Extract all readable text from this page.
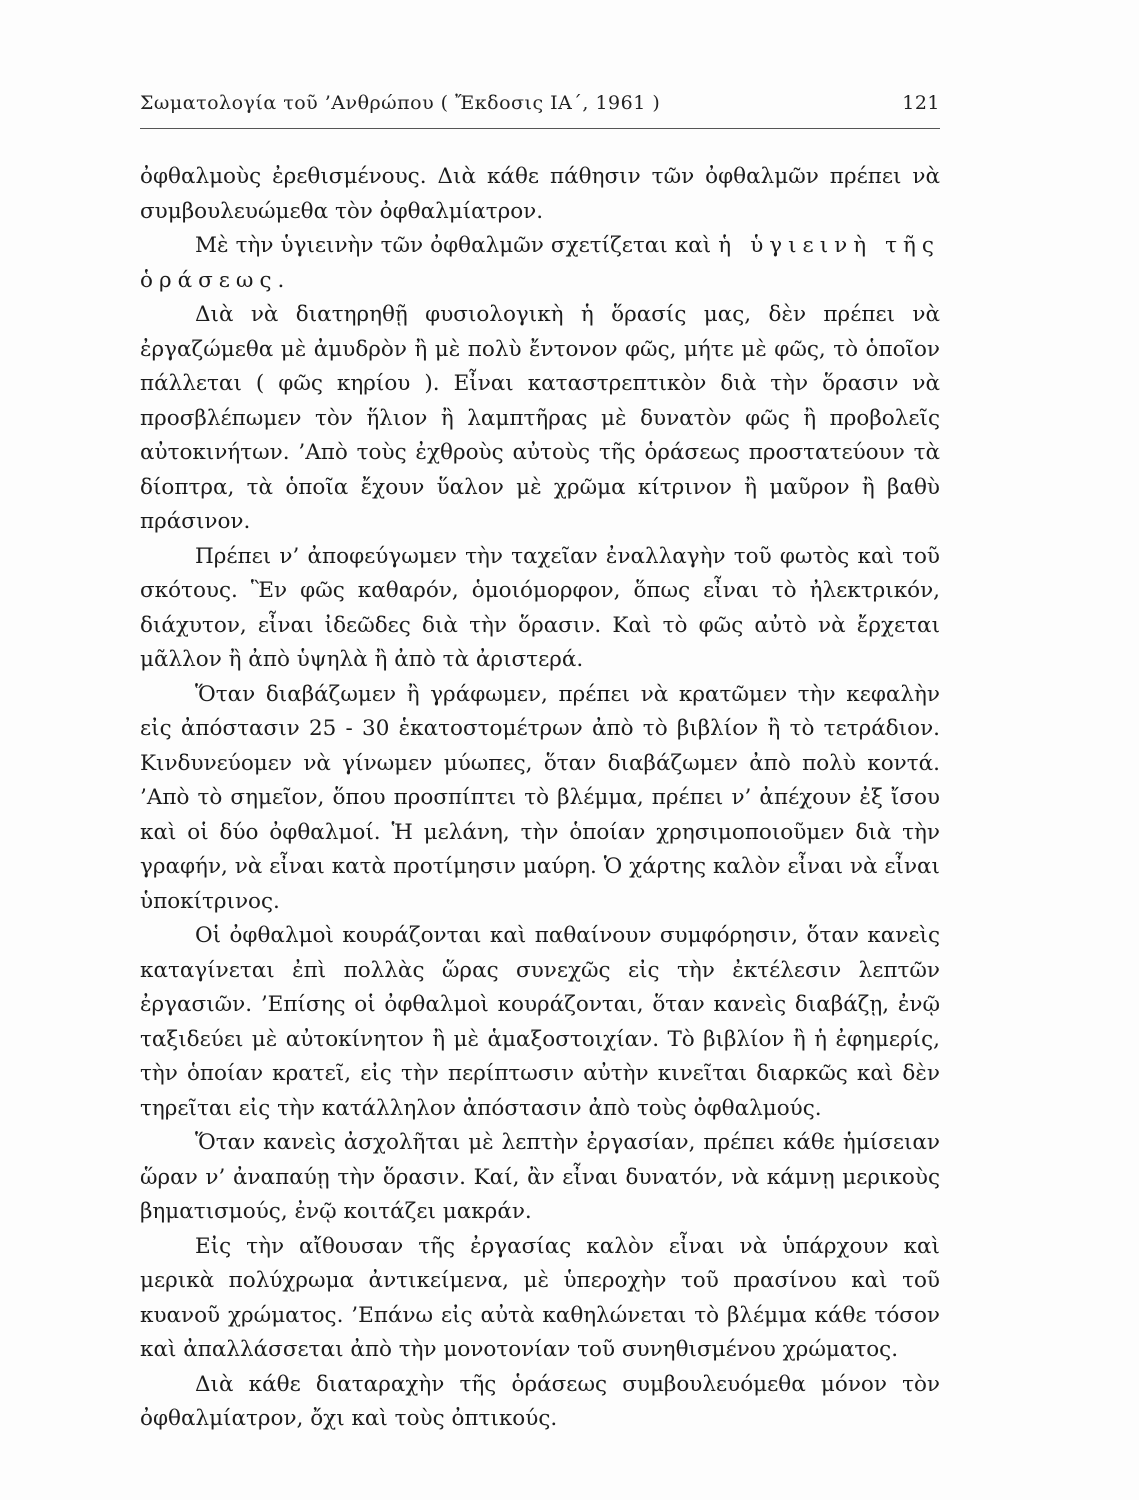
Σωματολογία τοῦ ’Ανθρώπου ( Ἔκδοσις ΙΑ΄, 1961 )	121

ὀφθαλμοὺς ἐρεθισμένους. Διὰ κάθε πάθησιν τῶν ὀφθαλμῶν πρέπει νὰ συμβουλευώμεθα τὸν ὀφθαλμίατρον.

Μὲ τὴν ὑγιεινὴν τῶν ὀφθαλμῶν σχετίζεται καὶ ἡ ὑγιεινὴ τῆς ὁράσεως.

Διὰ νὰ διατηρηθῇ φυσιολογικὴ ἡ ὅρασίς μας, δὲν πρέπει νὰ ἐργαζώμεθα μὲ ἀμυδρὸν ἢ μὲ πολὺ ἔντονον φῶς, μήτε μὲ φῶς, τὸ ὁποῖον πάλλεται ( φῶς κηρίου ). Εἶναι καταστρεπτικὸν διὰ τὴν ὅρασιν νὰ προσβλέπωμεν τὸν ἥλιον ἢ λαμπτῆρας μὲ δυνατὸν φῶς ἢ προβολεῖς αὐτοκινήτων. ’Απὸ τοὺς ἐχθροὺς αὐτοὺς τῆς ὁράσεως προστατεύουν τὰ δίοπτρα, τὰ ὁποῖα ἔχουν ὕαλον μὲ χρῶμα κίτρινον ἢ μαῦρον ἢ βαθὺ πράσινον.

Πρέπει ν’ ἀποφεύγωμεν τὴν ταχεῖαν ἐναλλαγὴν τοῦ φωτὸς καὶ τοῦ σκότους. Ἓν φῶς καθαρόν, ὁμοιόμορφον, ὅπως εἶναι τὸ ἠλεκτρικόν, διάχυτον, εἶναι ἰδεῶδες διὰ τὴν ὅρασιν. Καὶ τὸ φῶς αὐτὸ νὰ ἔρχεται μᾶλλον ἢ ἀπὸ ὑψηλὰ ἢ ἀπὸ τὰ ἀριστερά.

Ὅταν διαβάζωμεν ἢ γράφωμεν, πρέπει νὰ κρατῶμεν τὴν κεφαλὴν εἰς ἀπόστασιν 25 - 30 ἑκατοστομέτρων ἀπὸ τὸ βιβλίον ἢ τὸ τετράδιον. Κινδυνεύομεν νὰ γίνωμεν μύωπες, ὅταν διαβάζωμεν ἀπὸ πολὺ κοντά. ’Απὸ τὸ σημεῖον, ὅπου προσπίπτει τὸ βλέμμα, πρέπει ν’ ἀπέχουν ἐξ ἴσου καὶ οἱ δύο ὀφθαλμοί. Ἡ μελάνη, τὴν ὁποίαν χρησιμοποιοῦμεν διὰ τὴν γραφήν, νὰ εἶναι κατὰ προτίμησιν μαύρη. Ὁ χάρτης καλὸν εἶναι νὰ εἶναι ὑποκίτρινος.

Οἱ ὀφθαλμοὶ κουράζονται καὶ παθαίνουν συμφόρησιν, ὅταν κανεὶς καταγίνεται ἐπὶ πολλὰς ὥρας συνεχῶς εἰς τὴν ἐκτέλεσιν λεπτῶν ἐργασιῶν. ’Επίσης οἱ ὀφθαλμοὶ κουράζονται, ὅταν κανεὶς διαβάζῃ, ἐνῷ ταξιδεύει μὲ αὐτοκίνητον ἢ μὲ ἁμαξοστοιχίαν. Τὸ βιβλίον ἢ ἡ ἐφημερίς, τὴν ὁποίαν κρατεῖ, εἰς τὴν περίπτωσιν αὐτὴν κινεῖται διαρκῶς καὶ δὲν τηρεῖται εἰς τὴν κατάλληλον ἀπόστασιν ἀπὸ τοὺς ὀφθαλμούς.

Ὅταν κανεὶς ἀσχολῆται μὲ λεπτὴν ἐργασίαν, πρέπει κάθε ἡμίσειαν ὥραν ν’ ἀναπαύῃ τὴν ὅρασιν. Καί, ἂν εἶναι δυνατόν, νὰ κάμνῃ μερικοὺς βηματισμούς, ἐνῷ κοιτάζει μακράν.

Εἰς τὴν αἴθουσαν τῆς ἐργασίας καλὸν εἶναι νὰ ὑπάρχουν καὶ μερικὰ πολύχρωμα ἀντικείμενα, μὲ ὑπεροχὴν τοῦ πρασίνου καὶ τοῦ κυανοῦ χρώματος. ’Επάνω εἰς αὐτὰ καθηλώνεται τὸ βλέμμα κάθε τόσον καὶ ἀπαλλάσσεται ἀπὸ τὴν μονοτονίαν τοῦ συνηθισμένου χρώματος.

Διὰ κάθε διαταραχὴν τῆς ὁράσεως συμβουλευόμεθα μόνον τὸν ὀφθαλμίατρον, ὄχι καὶ τοὺς ὀπτικούς.
